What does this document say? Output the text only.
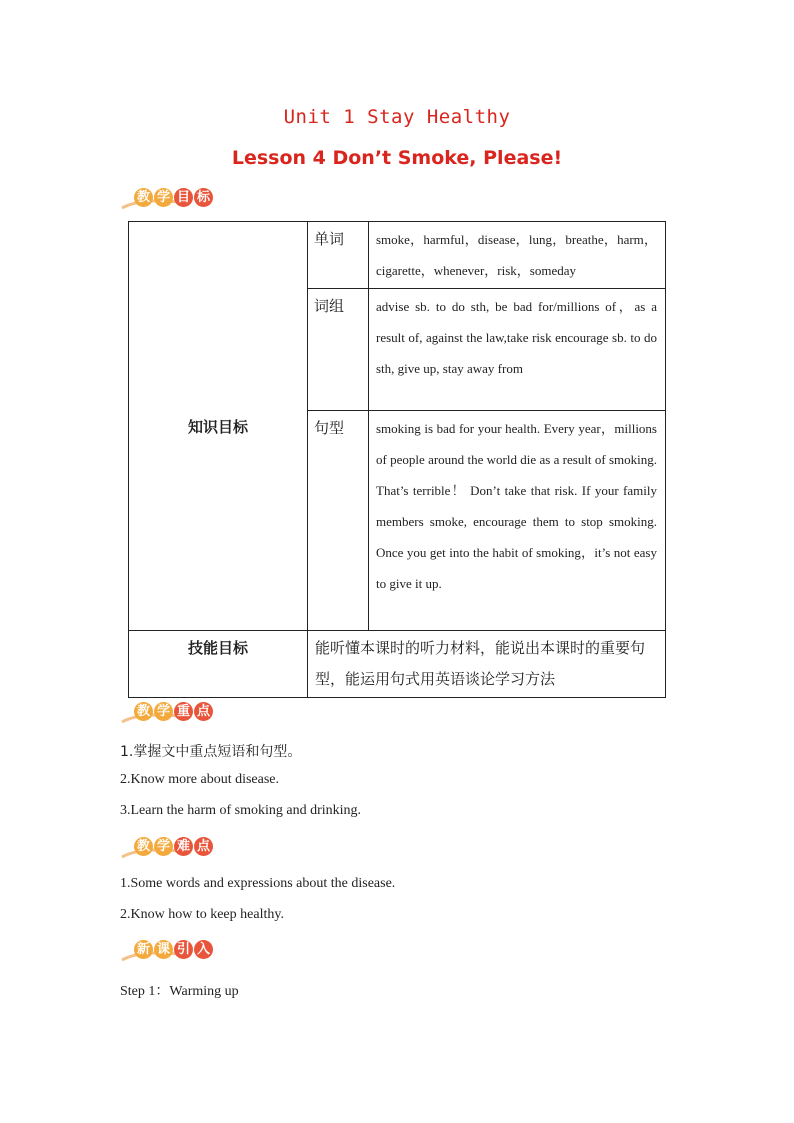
Unit 1 Stay Healthy
Lesson 4 Don’t Smoke, Please!
教 学 目 标
知识目标	单词	smoke，harmful，disease，lung，breathe，harm，cigarette，whenever，risk，someday
	词组	advise sb. to do sth, be bad for/millions of，as a result of, against the law,take risk encourage sb. to do sth, give up, stay away from
	句型	smoking is bad for your health. Every year，millions of people around the world die as a result of smoking. That’s terrible！ Don’t take that risk. If your family members smoke, encourage them to stop smoking. Once you get into the habit of smoking，it’s not easy to give it up.
技能目标	能听懂本课时的听力材料，能说出本课时的重要句型，能运用句式用英语谈论学习方法	
教 学 重 点
1.掌握文中重点短语和句型。
2.Know more about disease.
3.Learn the harm of smoking and drinking.
教 学 难 点
1.Some words and expressions about the disease.
2.Know how to keep healthy.
新 课 引 入
Step 1：Warming up
